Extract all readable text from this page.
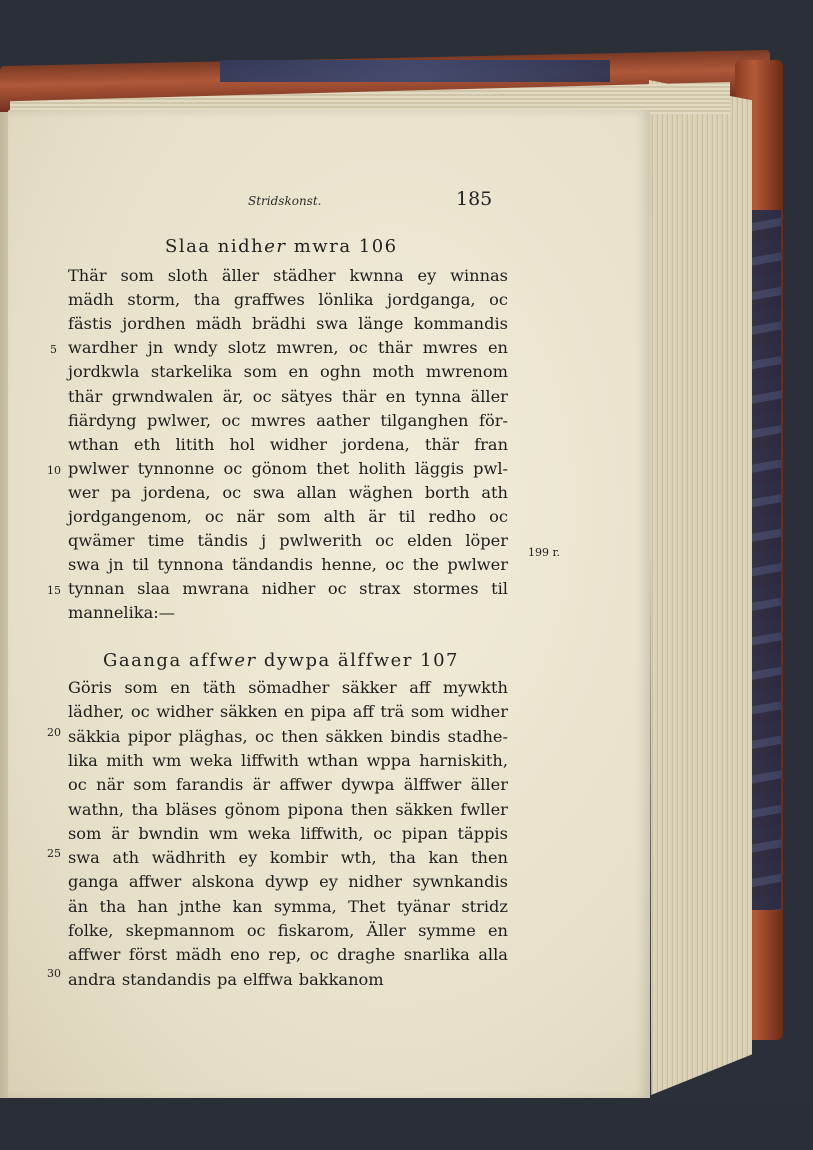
Stridskonst.	185
Slaa nidher mwra 106
Thär som sloth äller städher kwnna ey winnas
mädh storm, tha graffwes lönlika jordganga, oc
fästis jordhen mädh brädhi swa länge kommandis
wardher jn wndy slotz mwren, oc thär mwres en
jordkwla starkelika som en oghn moth mwrenom
thär grwndwalen är, oc sätyes thär en tynna äller
fiärdyng pwlwer, oc mwres aather tilganghen för-
wthan eth litith hol widher jordena, thär fran
pwlwer tynnonne oc gönom thet holith läggis pwl-
wer pa jordena, oc swa allan wäghen borth ath
jordgangenom, oc när som alth är til redho oc
qwämer time tändis j pwlwerith oc elden löper
swa jn til tynnona tändandis henne, oc the pwlwer
tynnan slaa mwrana nidher oc strax stormes til
mannelika:—
Gaanga affwer dywpa älffwer 107
Göris som en täth sömadher säkker aff mywkth
lädher, oc widher säkken en pipa aff trä som widher
säkkia pipor pläghas, oc then säkken bindis stadhe-
lika mith wm weka liffwith wthan wppa harniskith,
oc när som farandis är affwer dywpa älffwer äller
wathn, tha bläses gönom pipona then säkken fwller
som är bwndin wm weka liffwith, oc pipan täppis
swa ath wädhrith ey kombir wth, tha kan then
ganga affwer alskona dywp ey nidher sywnkandis
än tha han jnthe kan symma, Thet tyänar stridz
folke, skepmannom oc fiskarom, Äller symme en
affwer först mädh eno rep, oc draghe snarlika alla
andra standandis pa elffwa bakkanom
5
10
15
20
25
30
199 r.
